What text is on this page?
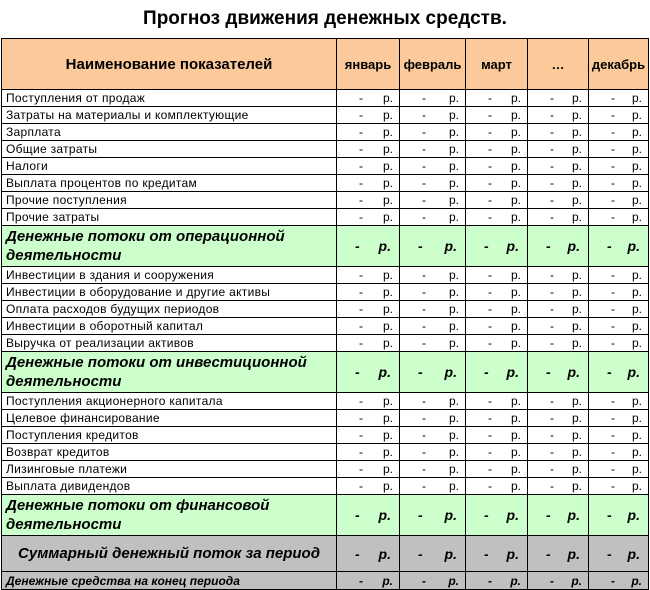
Прогноз движения денежных средств.
Наименование показателей	январь	февраль	март	…	декабрь
Поступления от продаж	- р.	- р.	- р.	- р.	- р.

Затраты на материалы и комплектующие	- р.	- р.	- р.	- р.	- р.

Зарплата	- р.	- р.	- р.	- р.	- р.

Общие затраты	- р.	- р.	- р.	- р.	- р.

Налоги	- р.	- р.	- р.	- р.	- р.

Выплата процентов по кредитам	- р.	- р.	- р.	- р.	- р.

Прочие поступления	- р.	- р.	- р.	- р.	- р.

Прочие затраты	- р.	- р.	- р.	- р.	- р.

Денежные потоки от операционной деятельности	- р.	- р.	- р.	- р.	- р.

Инвестиции в здания и сооружения	- р.	- р.	- р.	- р.	- р.

Инвестиции в оборудование и другие активы	- р.	- р.	- р.	- р.	- р.

Оплата расходов будущих периодов	- р.	- р.	- р.	- р.	- р.

Инвестиции в оборотный капитал	- р.	- р.	- р.	- р.	- р.

Выручка от реализации активов	- р.	- р.	- р.	- р.	- р.

Денежные потоки от инвестиционной деятельности	- р.	- р.	- р.	- р.	- р.

Поступления акционерного капитала	- р.	- р.	- р.	- р.	- р.

Целевое финансирование	- р.	- р.	- р.	- р.	- р.

Поступления кредитов	- р.	- р.	- р.	- р.	- р.

Возврат кредитов	- р.	- р.	- р.	- р.	- р.

Лизинговые платежи	- р.	- р.	- р.	- р.	- р.

Выплата дивидендов	- р.	- р.	- р.	- р.	- р.

Денежные потоки от финансовой деятельности	- р.	- р.	- р.	- р.	- р.

Суммарный денежный поток за период	- р.	- р.	- р.	- р.	- р.

Денежные средства на конец периода	- р.	- р.	- р.	- р.	- р.
